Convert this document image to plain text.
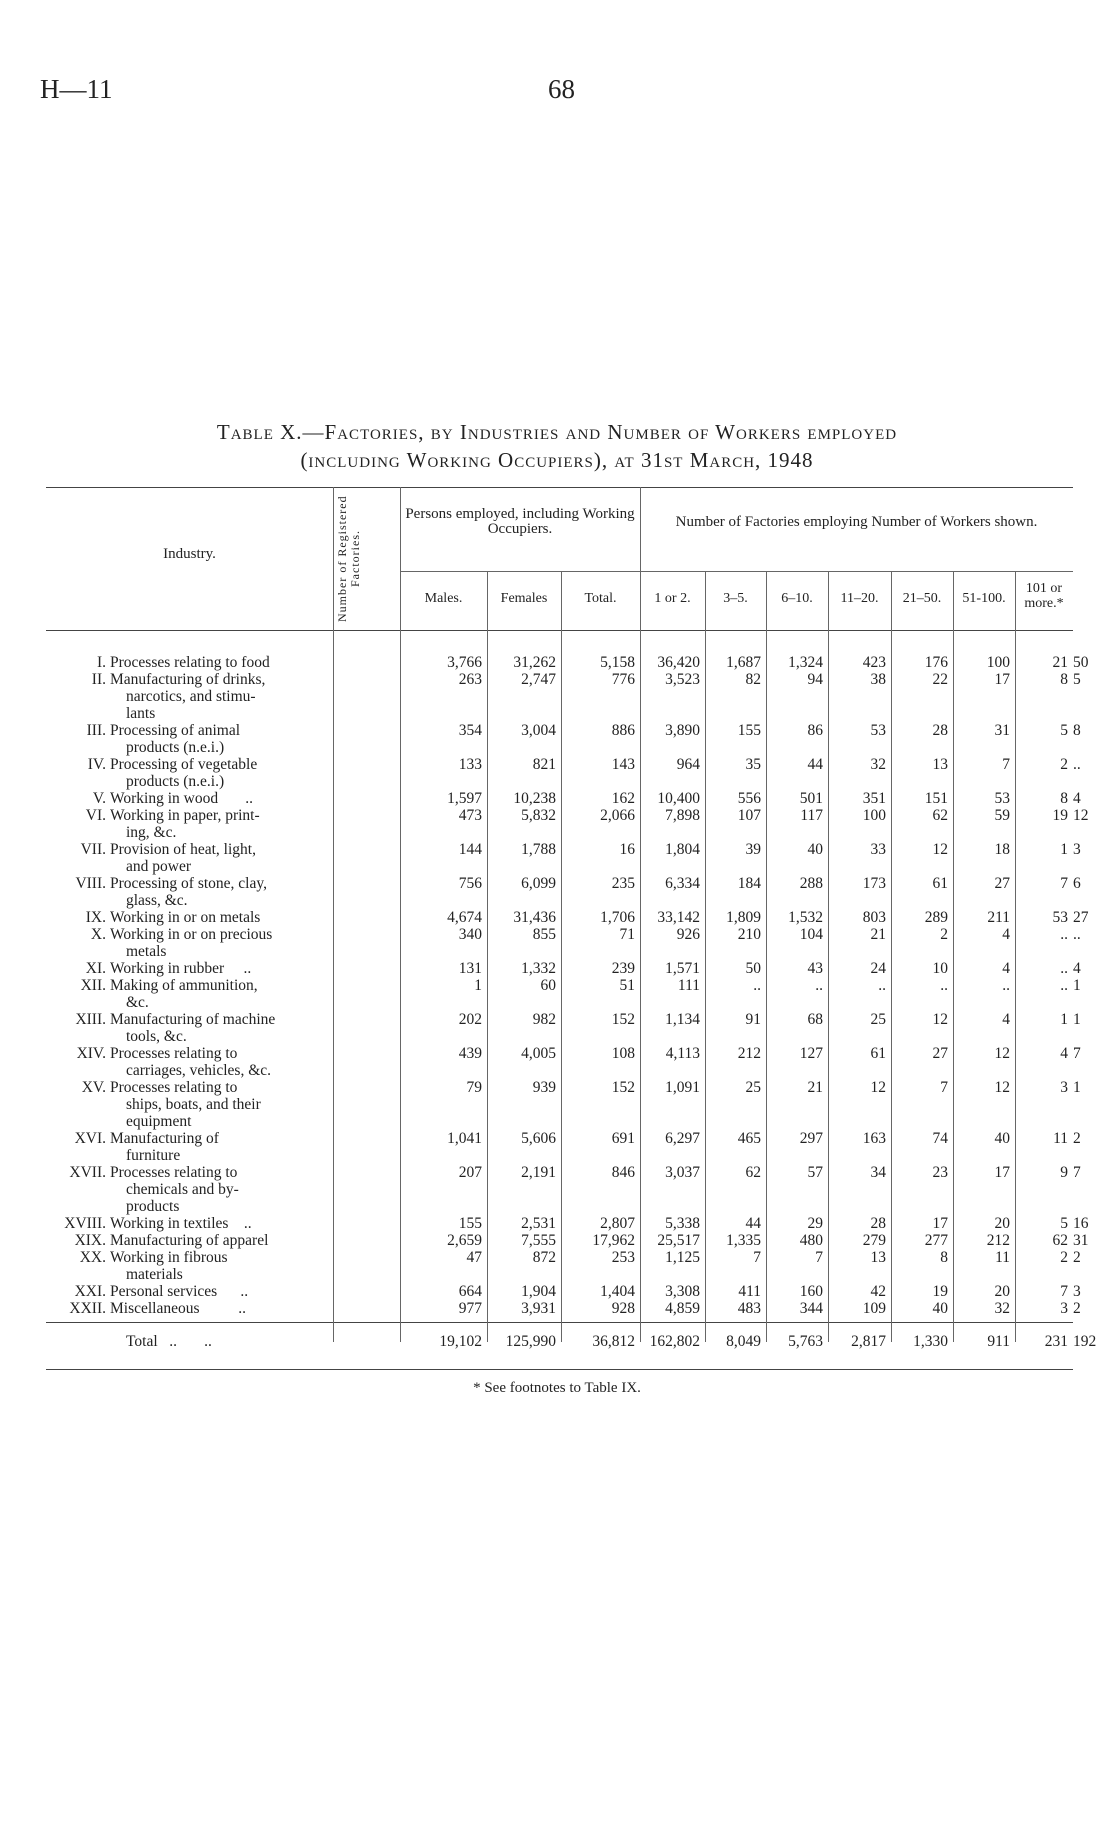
H—11	68
Table X.—Factories, by Industries and Number of Workers employed
(including Working Occupiers), at 31st March, 1948
Industry.	Number of Registered Factories.
Persons employed, including Working Occupiers.	Number of Factories employing Number of Workers shown.
Males.	Females	Total.	1 or 2.	3–5.	6–10.	11–20.	21–50.	51-100.
101 or more.*
I. Processes relating to food	3,766	31,262	5,158	36,420	1,687	1,324	423	176	100	21 50
II. Manufacturing of drinks,
narcotics, and stimu-
lants
263	2,747	776	3,523	82	94	38	22	17	8 5
III. Processing of animal
products (n.e.i.)
354	3,004	886	3,890	155	86	53	28	31	5 8
IV. Processing of vegetable
products (n.e.i.)
133	821	143	964	35	44	32	13	7	2 ..
V. Working in wood       ..	1,597	10,238	162	10,400	556	501	351	151	53	8 4
VI. Working in paper, print-
ing, &c.
473	5,832	2,066	7,898	107	117	100	62	59	19 12
VII. Provision of heat, light,
and power
144	1,788	16	1,804	39	40	33	12	18	1 3
VIII. Processing of stone, clay,
glass, &c.
756	6,099	235	6,334	184	288	173	61	27	7 6
IX. Working in or on metals	4,674	31,436	1,706	33,142	1,809	1,532	803	289	211	53 27
X. Working in or on precious
metals
340	855	71	926	210	104	21	2	4	.. ..
XI. Working in rubber     ..	131	1,332	239	1,571	50	43	24	10	4	.. 4
XII. Making of ammunition,
&c.
1	60	51	111	..	..	..	..	..	.. 1
XIII. Manufacturing of machine
tools, &c.
202	982	152	1,134	91	68	25	12	4	1 1
XIV. Processes relating to
carriages, vehicles, &c.
439	4,005	108	4,113	212	127	61	27	12	4 7
XV. Processes relating to
ships, boats, and their
equipment
79	939	152	1,091	25	21	12	7	12	3 1
XVI. Manufacturing of
furniture
1,041	5,606	691	6,297	465	297	163	74	40	11 2
XVII. Processes relating to
chemicals and by-
products
207	2,191	846	3,037	62	57	34	23	17	9 7
XVIII. Working in textiles    ..	155	2,531	2,807	5,338	44	29	28	17	20	5 16
XIX. Manufacturing of apparel	2,659	7,555	17,962	25,517	1,335	480	279	277	212	62 31
XX. Working in fibrous
materials
47	872	253	1,125	7	7	13	8	11	2 2
XXI. Personal services      ..	664	1,904	1,404	3,308	411	160	42	19	20	7 3
XXII. Miscellaneous          ..	977	3,931	928	4,859	483	344	109	40	32	3 2
Total   ..       ..	19,102	125,990	36,812 162,802	8,049	5,763	2,817	1,330	911	231 192
* See footnotes to Table IX.
